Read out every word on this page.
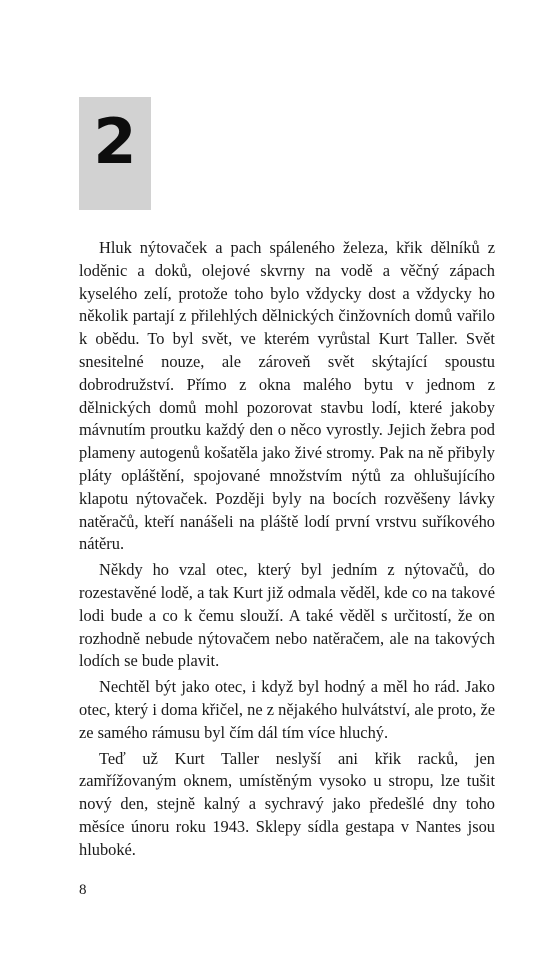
2

Hluk nýtovaček a pach spáleného železa, křik dělníků z loděnic a doků, olejové skvrny na vodě a věčný zápach kyselého zelí, protože toho bylo vždycky dost a vždycky ho několik partají z přilehlých dělnických činžovních domů vařilo k obědu. To byl svět, ve kterém vyrůstal Kurt Taller. Svět snesitelné nouze, ale zároveň svět skýtající spoustu dobrodružství. Přímo z okna malého bytu v jednom z dělnických domů mohl pozorovat stavbu lodí, které jakoby mávnutím proutku každý den o něco vyrostly. Jejich žebra pod plameny autogenů košatěla jako živé stromy. Pak na ně přibyly pláty opláštění, spojované množstvím nýtů za ohlušujícího klapotu nýtovaček. Později byly na bocích rozvěšeny lávky natěračů, kteří nanášeli na pláště lodí první vrstvu suříkového nátěru.

Někdy ho vzal otec, který byl jedním z nýtovačů, do rozestavěné lodě, a tak Kurt již odmala věděl, kde co na takové lodi bude a co k čemu slouží. A také věděl s určitostí, že on rozhodně nebude nýtovačem nebo natěračem, ale na takových lodích se bude plavit.

Nechtěl být jako otec, i když byl hodný a měl ho rád. Jako otec, který i doma křičel, ne z nějakého hulvátství, ale proto, že ze samého rámusu byl čím dál tím více hluchý.

Teď už Kurt Taller neslyší ani křik racků, jen zamřížovaným oknem, umístěným vysoko u stropu, lze tušit nový den, stejně kalný a sychravý jako předešlé dny toho měsíce únoru roku 1943. Sklepy sídla gestapa v Nantes jsou hluboké.

8
